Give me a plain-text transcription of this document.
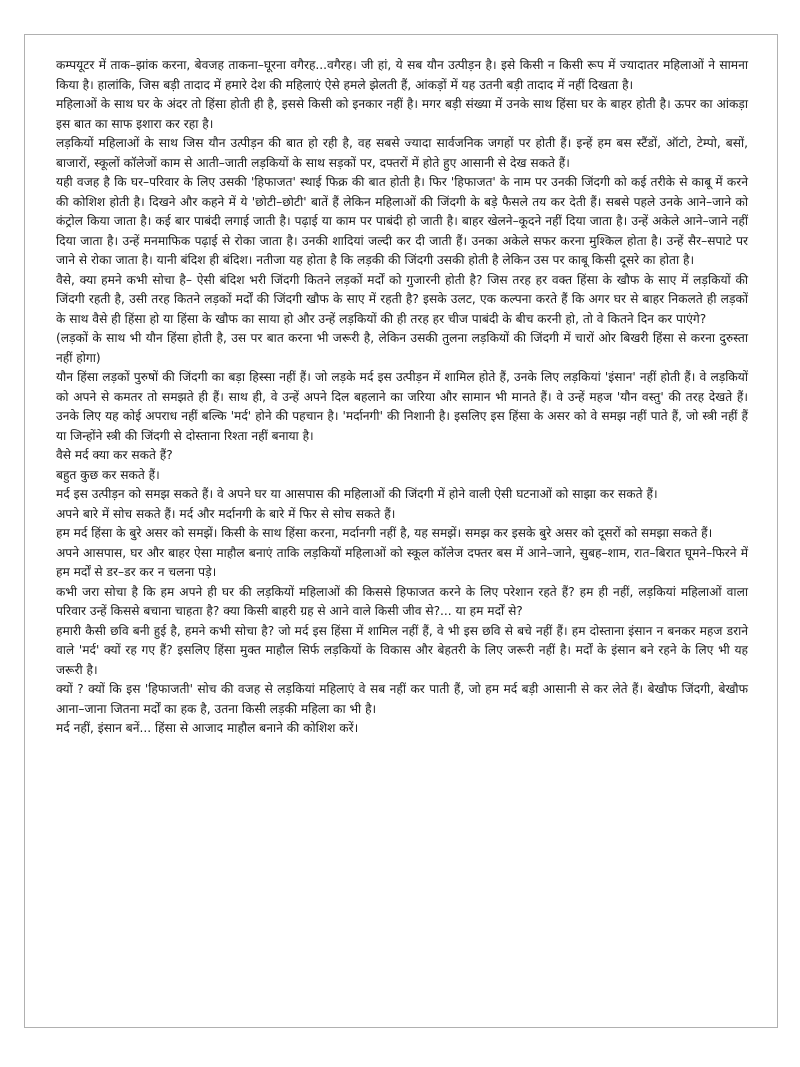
कम्पयूटर में ताक–झांक करना, बेवजह ताकना–घूरना वगैरह...वगैरह। जी हां, ये सब यौन उत्पीड़न है। इसे किसी न किसी रूप में ज्यादातर महिलाओं ने सामना किया है। हालांकि, जिस बड़ी तादाद में हमारे देश की महिलाएं ऐसे हमले झेलती हैं, आंकड़ों में यह उतनी बड़ी तादाद में नहीं दिखता है।

महिलाओं के साथ घर के अंदर तो हिंसा होती ही है, इससे किसी को इनकार नहीं है। मगर बड़ी संख्या में उनके साथ हिंसा घर के बाहर होती है। ऊपर का आंकड़ा इस बात का साफ इशारा कर रहा है।

लड़कियों महिलाओं के साथ जिस यौन उत्पीड़न की बात हो रही है, वह सबसे ज्यादा सार्वजनिक जगहों पर होती हैं। इन्हें हम बस स्टैंडों, ऑटो, टेम्पो, बसों, बाजारों, स्कूलों कॉलेजों काम से आती–जाती लड़कियों के साथ सड़कों पर, दफ्तरों में होते हुए आसानी से देख सकते हैं।

यही वजह है कि घर–परिवार के लिए उसकी 'हिफाजत' स्थाई फिक्र की बात होती है। फिर 'हिफाजत' के नाम पर उनकी जिंदगी को कई तरीके से काबू में करने की कोशिश होती है। दिखने और कहने में ये 'छोटी–छोटी' बातें हैं लेकिन महिलाओं की जिंदगी के बड़े फैसले तय कर देती हैं। सबसे पहले उनके आने–जाने को कंट्रोल किया जाता है। कई बार पाबंदी लगाई जाती है। पढ़ाई या काम पर पाबंदी हो जाती है। बाहर खेलने–कूदने नहीं दिया जाता है। उन्हें अकेले आने–जाने नहीं दिया जाता है। उन्हें मनमाफिक पढ़ाई से रोका जाता है। उनकी शादियां जल्दी कर दी जाती हैं। उनका अकेले सफर करना मुश्किल होता है। उन्हें सैर–सपाटे पर जाने से रोका जाता है। यानी बंदिश ही बंदिश। नतीजा यह होता है कि लड़की की जिंदगी उसकी होती है लेकिन उस पर काबू किसी दूसरे का होता है।

वैसे, क्या हमने कभी सोचा है– ऐसी बंदिश भरी जिंदगी कितने लड़कों मर्दों को गुजारनी होती है? जिस तरह हर वक्त हिंसा के खौफ के साए में लड़कियों की जिंदगी रहती है, उसी तरह कितने लड़कों मर्दों की जिंदगी खौफ के साए में रहती है? इसके उलट, एक कल्पना करते हैं कि अगर घर से बाहर निकलते ही लड़कों के साथ वैसे ही हिंसा हो या हिंसा के खौफ का साया हो और उन्हें लड़कियों की ही तरह हर चीज पाबंदी के बीच करनी हो, तो वे कितने दिन कर पाएंगे?

(लड़कों के साथ भी यौन हिंसा होती है, उस पर बात करना भी जरूरी है, लेकिन उसकी तुलना लड़कियों की जिंदगी में चारों ओर बिखरी हिंसा से करना दुरुस्ता नहीं होगा)

यौन हिंसा लड़कों पुरुषों की जिंदगी का बड़ा हिस्सा नहीं हैं। जो लड़के मर्द इस उत्पीड़न में शामिल होते हैं, उनके लिए लड़कियां 'इंसान' नहीं होती हैं। वे लड़कियों को अपने से कमतर तो समझते ही हैं। साथ ही, वे उन्हें अपने दिल बहलाने का जरिया और सामान भी मानते हैं। वे उन्हें महज 'यौन वस्तु' की तरह देखते हैं। उनके लिए यह कोई अपराध नहीं बल्कि 'मर्द' होने की पहचान है। 'मर्दानगी' की निशानी है। इसलिए इस हिंसा के असर को वे समझ नहीं पाते हैं, जो स्त्री नहीं हैं या जिन्होंने स्त्री की जिंदगी से दोस्ताना रिश्ता नहीं बनाया है।

वैसे मर्द क्या कर सकते हैं?

बहुत कुछ कर सकते हैं।

मर्द इस उत्पीड़न को समझ सकते हैं। वे अपने घर या आसपास की महिलाओं की जिंदगी में होने वाली ऐसी घटनाओं को साझा कर सकते हैं।

अपने बारे में सोच सकते हैं। मर्द और मर्दानगी के बारे में फिर से सोच सकते हैं।

हम मर्द हिंसा के बुरे असर को समझें। किसी के साथ हिंसा करना, मर्दानगी नहीं है, यह समझें। समझ कर इसके बुरे असर को दूसरों को समझा सकते हैं।

अपने आसपास, घर और बाहर ऐसा माहौल बनाएं ताकि लड़कियों महिलाओं को स्कूल कॉलेज दफ्तर बस में आने–जाने, सुबह–शाम, रात–बिरात घूमने–फिरने में हम मर्दों से डर–डर कर न चलना पड़े।

कभी जरा सोचा है कि हम अपने ही घर की लड़कियों महिलाओं की किससे हिफाजत करने के लिए परेशान रहते हैं? हम ही नहीं, लड़कियां महिलाओं वाला परिवार उन्हें किससे बचाना चाहता है? क्या किसी बाहरी ग्रह से आने वाले किसी जीव से?... या हम मर्दों से?

हमारी कैसी छवि बनी हुई है, हमने कभी सोचा है? जो मर्द इस हिंसा में शामिल नहीं हैं, वे भी इस छवि से बचे नहीं हैं। हम दोस्ताना इंसान न बनकर महज डराने वाले 'मर्द' क्यों रह गए हैं? इसलिए हिंसा मुक्त माहौल सिर्फ लड़कियों के विकास और बेहतरी के लिए जरूरी नहीं है। मर्दों के इंसान बने रहने के लिए भी यह जरूरी है।

क्यों ? क्यों कि इस 'हिफाजती' सोच की वजह से लड़कियां महिलाएं वे सब नहीं कर पाती हैं, जो हम मर्द बड़ी आसानी से कर लेते हैं। बेखौफ जिंदगी, बेखौफ आना–जाना जितना मर्दों का हक है, उतना किसी लड़की महिला का भी है।

मर्द नहीं, इंसान बनें... हिंसा से आजाद माहौल बनाने की कोशिश करें।
